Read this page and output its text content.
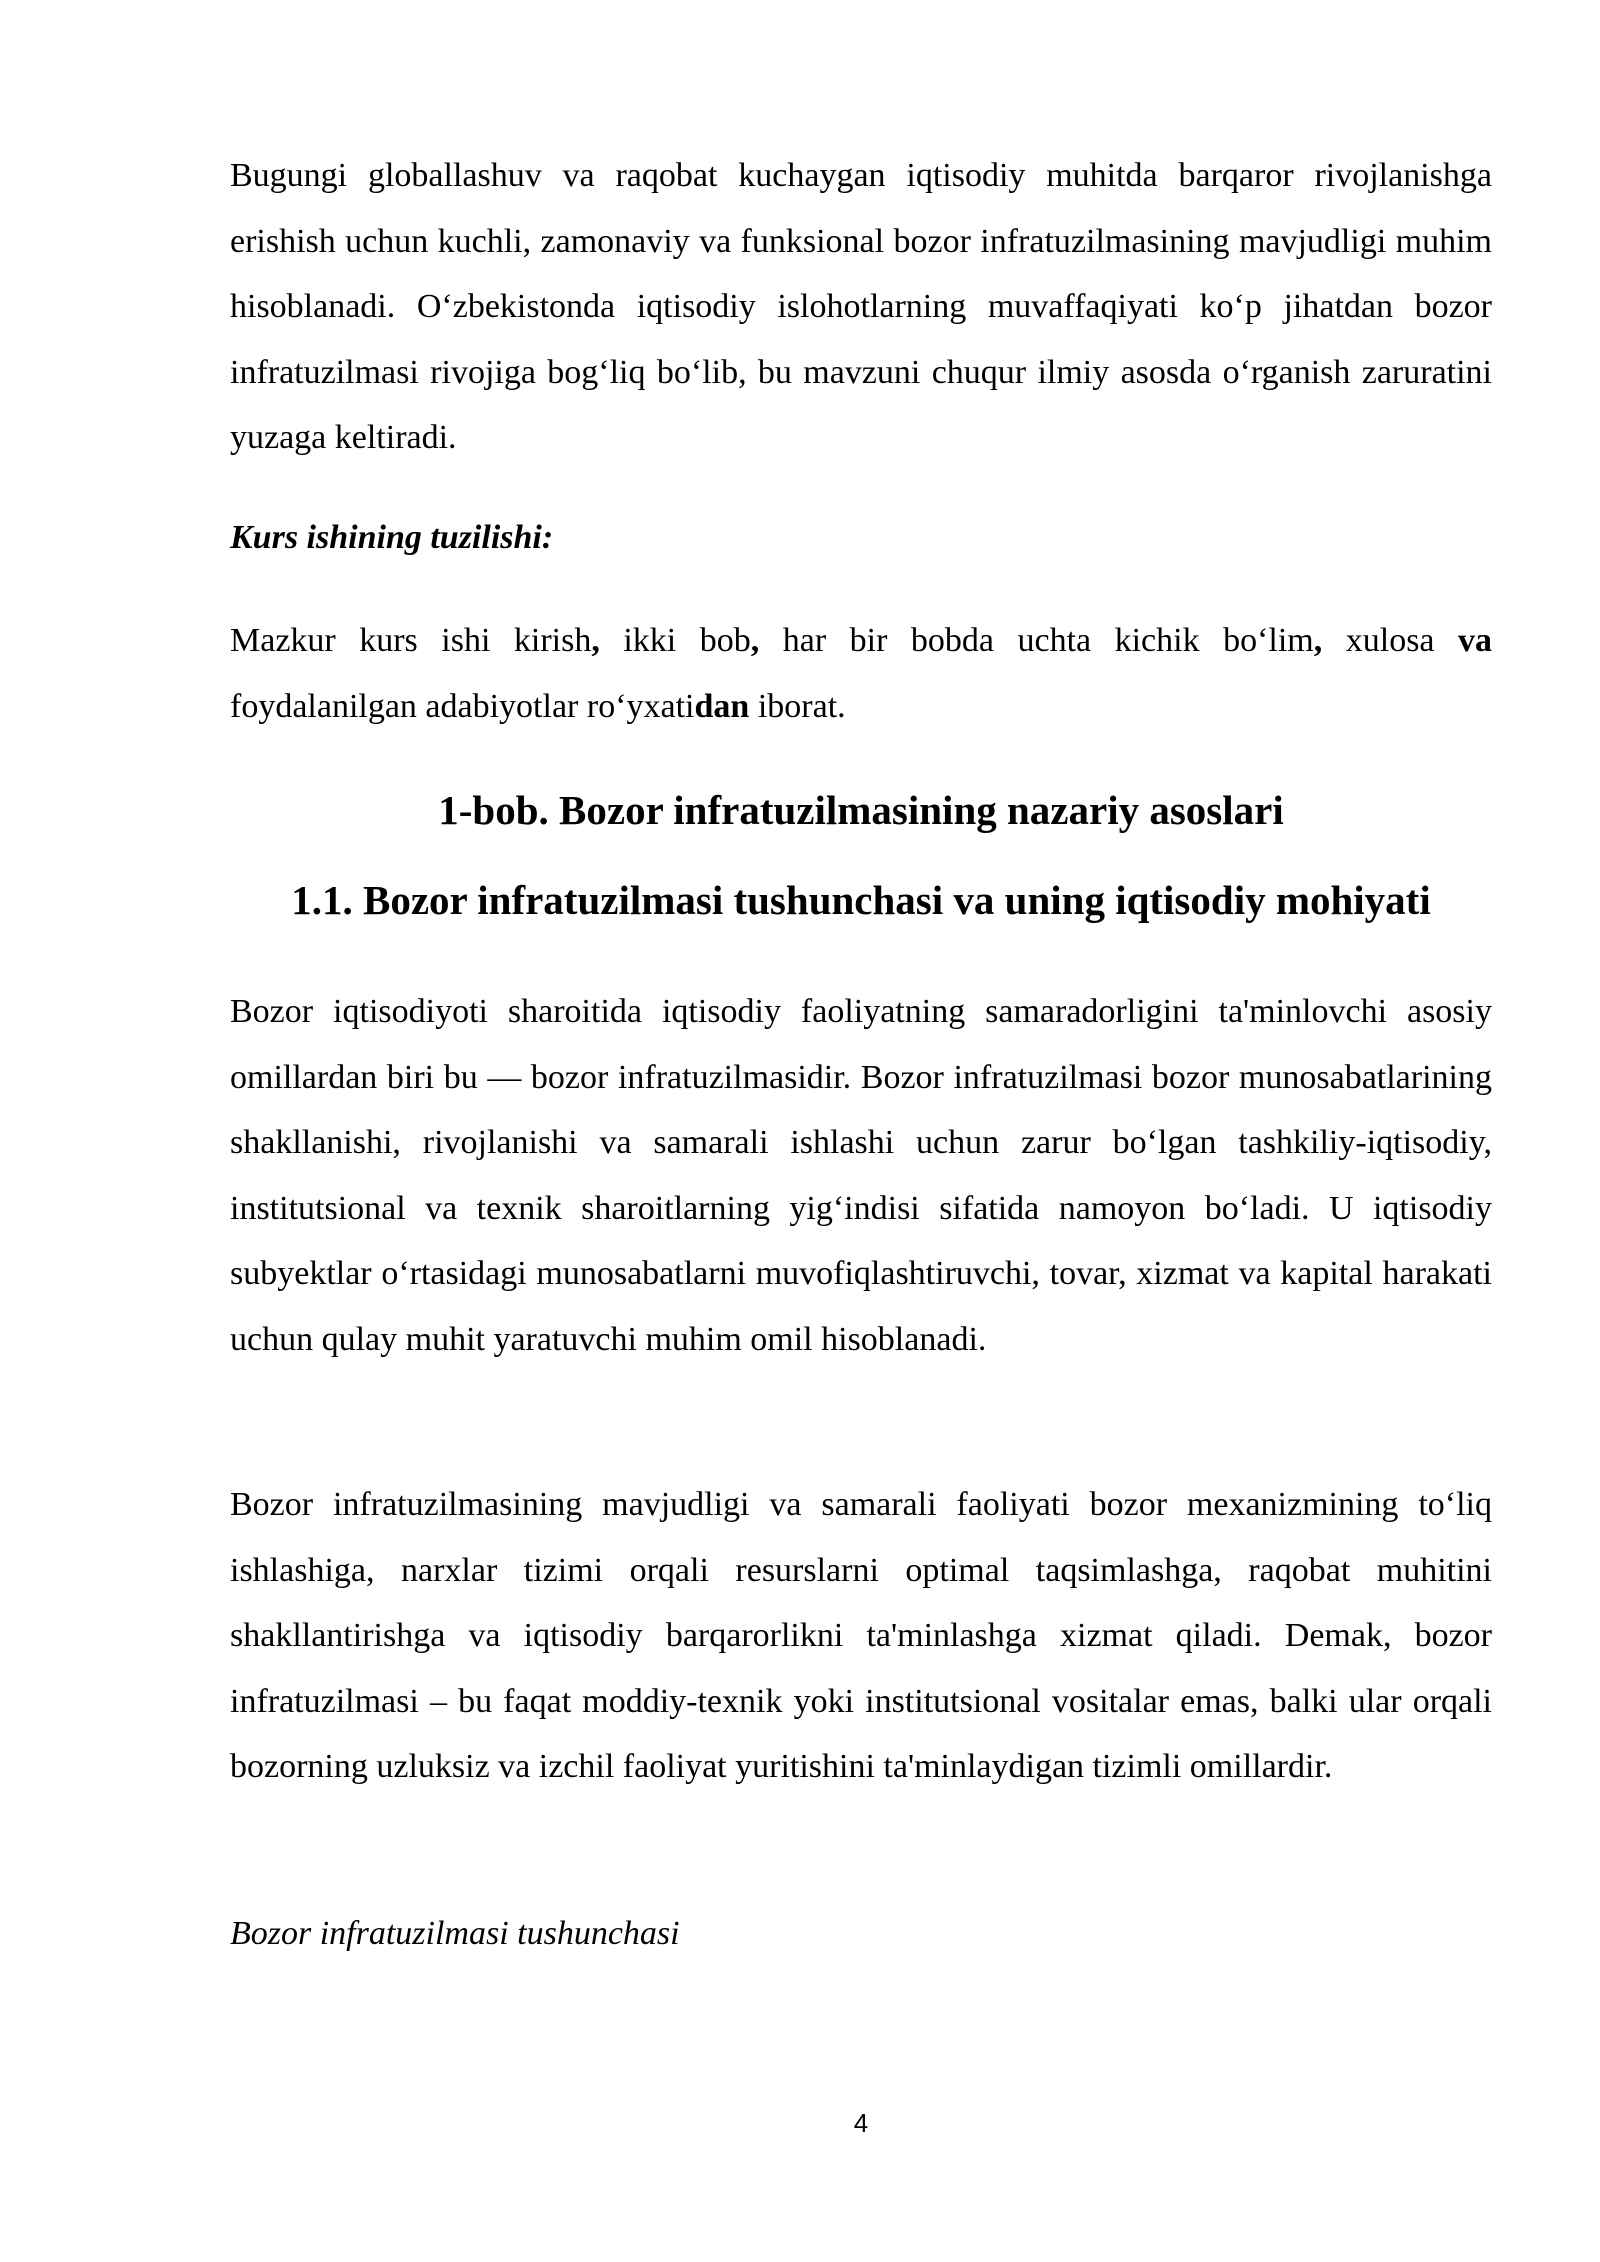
Bugungi globallashuv va raqobat kuchaygan iqtisodiy muhitda barqaror rivojlanishga erishish uchun kuchli, zamonaviy va funksional bozor infratuzilmasining mavjudligi muhim hisoblanadi. O‘zbekistonda iqtisodiy islohotlarning muvaffaqiyati ko‘p jihatdan bozor infratuzilmasi rivojiga bog‘liq bo‘lib, bu mavzuni chuqur ilmiy asosda o‘rganish zaruratini yuzaga keltiradi.

Kurs ishining tuzilishi:

Mazkur kurs ishi kirish, ikki bob, har bir bobda uchta kichik bo‘lim, xulosa va foydalanilgan adabiyotlar ro‘yxatidan iborat.

1-bob. Bozor infratuzilmasining nazariy asoslari
1.1. Bozor infratuzilmasi tushunchasi va uning iqtisodiy mohiyati

Bozor iqtisodiyoti sharoitida iqtisodiy faoliyatning samaradorligini ta'minlovchi asosiy omillardan biri bu — bozor infratuzilmasidir. Bozor infratuzilmasi bozor munosabatlarining shakllanishi, rivojlanishi va samarali ishlashi uchun zarur bo‘lgan tashkiliy-iqtisodiy, institutsional va texnik sharoitlarning yig‘indisi sifatida namoyon bo‘ladi. U iqtisodiy subyektlar o‘rtasidagi munosabatlarni muvofiqlashtiruvchi, tovar, xizmat va kapital harakati uchun qulay muhit yaratuvchi muhim omil hisoblanadi.

Bozor infratuzilmasining mavjudligi va samarali faoliyati bozor mexanizmining to‘liq ishlashiga, narxlar tizimi orqali resurslarni optimal taqsimlashga, raqobat muhitini shakllantirishga va iqtisodiy barqarorlikni ta'minlashga xizmat qiladi. Demak, bozor infratuzilmasi – bu faqat moddiy-texnik yoki institutsional vositalar emas, balki ular orqali bozorning uzluksiz va izchil faoliyat yuritishini ta'minlaydigan tizimli omillardir.

Bozor infratuzilmasi tushunchasi

4
